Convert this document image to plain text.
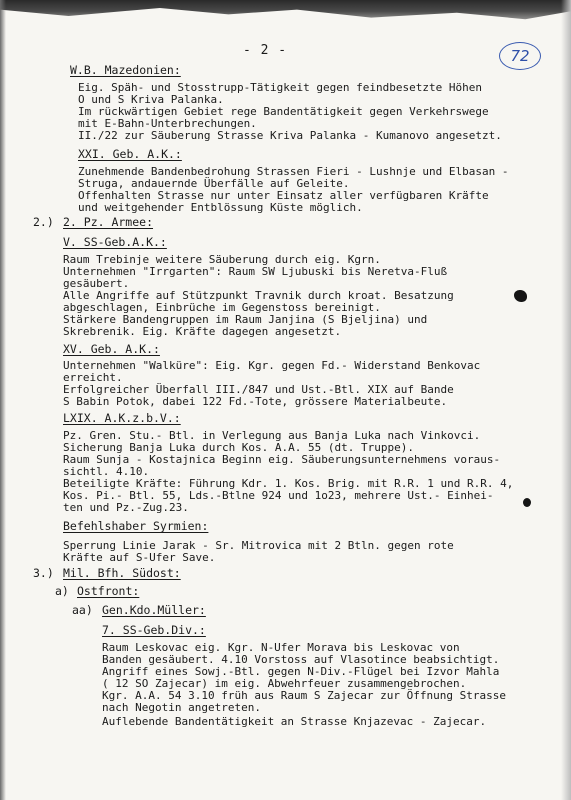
- 2 -	72
W.B. Mazedonien:
Eig. Späh- und Stosstrupp-Tätigkeit gegen feindbesetzte Höhen
O und S Kriva Palanka.
Im rückwärtigen Gebiet rege Bandentätigkeit gegen Verkehrswege
mit E-Bahn-Unterbrechungen.
II./22 zur Säuberung Strasse Kriva Palanka - Kumanovo angesetzt.
XXI. Geb. A.K.:
Zunehmende Bandenbedrohung Strassen Fieri - Lushnje und Elbasan -
Struga, andauernde Überfälle auf Geleite.
Offenhalten Strasse nur unter Einsatz aller verfügbaren Kräfte
und weitgehender Entblössung Küste möglich.
2.) 2. Pz. Armee:
V. SS-Geb.A.K.:
Raum Trebinje weitere Säuberung durch eig. Kgrn.
Unternehmen "Irrgarten": Raum SW Ljubuski bis Neretva-Fluß
gesäubert.
Alle Angriffe auf Stützpunkt Travnik durch kroat. Besatzung
abgeschlagen, Einbrüche im Gegenstoss bereinigt.
Stärkere Bandengruppen im Raum Janjina (S Bjeljina) und
Skrebrenik. Eig. Kräfte dagegen angesetzt.
XV. Geb. A.K.:
Unternehmen "Walküre": Eig. Kgr. gegen Fd.- Widerstand Benkovac
erreicht.
Erfolgreicher Überfall III./847 und Ust.-Btl. XIX auf Bande
S Babin Potok, dabei 122 Fd.-Tote, grössere Materialbeute.
LXIX. A.K.z.b.V.:
Pz. Gren. Stu.- Btl. in Verlegung aus Banja Luka nach Vinkovci.
Sicherung Banja Luka durch Kos. A.A. 55 (dt. Truppe).
Raum Sunja - Kostajnica Beginn eig. Säuberungsunternehmens voraus-
sichtl. 4.10.
Beteiligte Kräfte: Führung Kdr. 1. Kos. Brig. mit R.R. 1 und R.R. 4,
Kos. Pi.- Btl. 55, Lds.-Btlne 924 und 1o23, mehrere Ust.- Einhei-
ten und Pz.-Zug.23.
Befehlshaber Syrmien:
Sperrung Linie Jarak - Sr. Mitrovica mit 2 Btln. gegen rote
Kräfte auf S-Ufer Save.
3.) Mil. Bfh. Südost:
a) Ostfront:
aa) Gen.Kdo.Müller:
7. SS-Geb.Div.:
Raum Leskovac eig. Kgr. N-Ufer Morava bis Leskovac von
Banden gesäubert. 4.10 Vorstoss auf Vlasotince beabsichtigt.
Angriff eines Sowj.-Btl. gegen N-Div.-Flügel bei Izvor Mahla
( 12 SO Zajecar) im eig. Abwehrfeuer zusammengebrochen.
Kgr. A.A. 54 3.10 früh aus Raum S Zajecar zur Öffnung Strasse
nach Negotin angetreten.
Auflebende Bandentätigkeit an Strasse Knjazevac - Zajecar.
